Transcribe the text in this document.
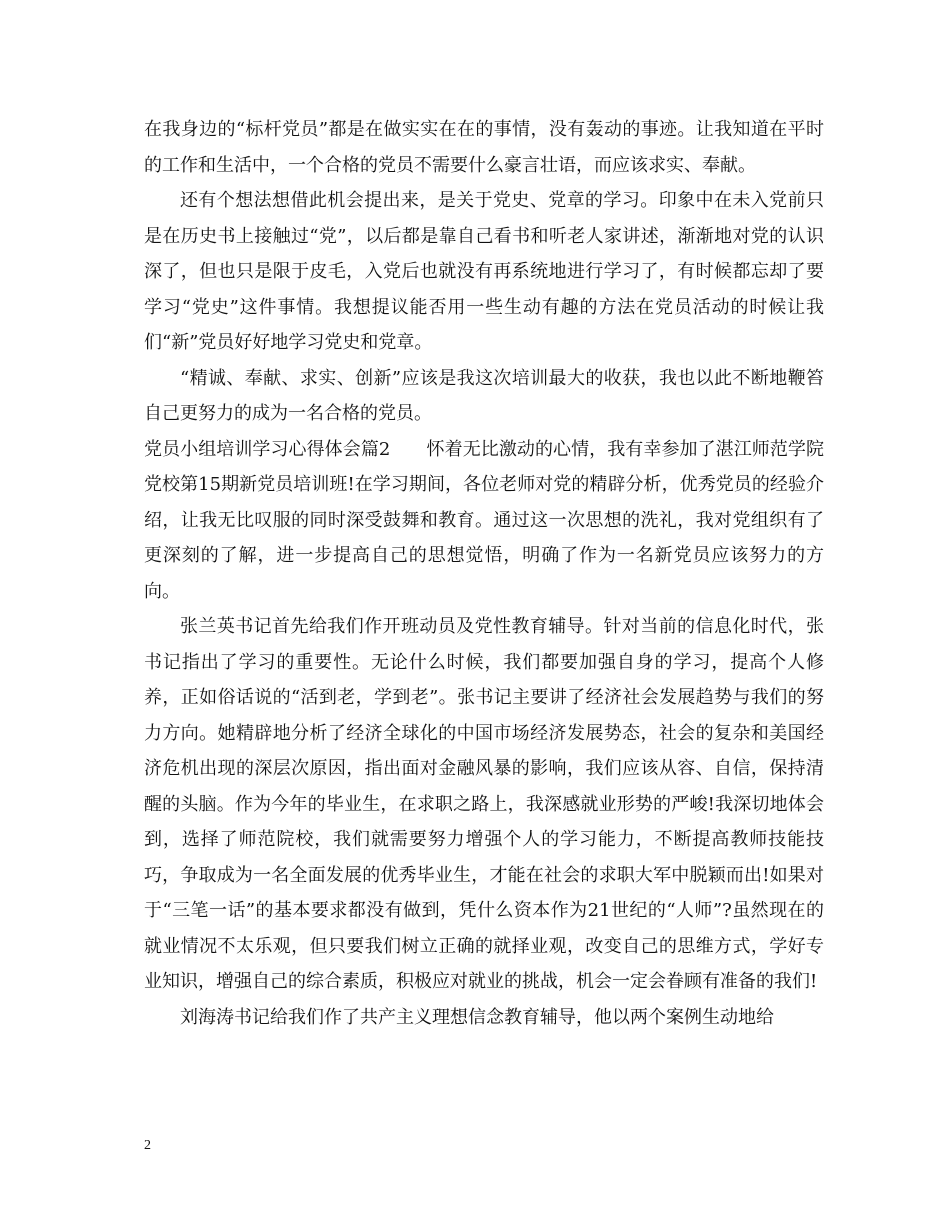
在我身边的“标杆党员”都是在做实实在在的事情，没有轰动的事迹。让我知道在平时的工作和生活中，一个合格的党员不需要什么豪言壮语，而应该求实、奉献。

还有个想法想借此机会提出来，是关于党史、党章的学习。印象中在未入党前只是在历史书上接触过“党”，以后都是靠自己看书和听老人家讲述，渐渐地对党的认识深了，但也只是限于皮毛，入党后也就没有再系统地进行学习了，有时候都忘却了要学习“党史”这件事情。我想提议能否用一些生动有趣的方法在党员活动的时候让我们“新”党员好好地学习党史和党章。

“精诚、奉献、求实、创新”应该是我这次培训最大的收获，我也以此不断地鞭笞自己更努力的成为一名合格的党员。

党员小组培训学习心得体会篇2　　怀着无比激动的心情，我有幸参加了湛江师范学院党校第15期新党员培训班!在学习期间，各位老师对党的精辟分析，优秀党员的经验介绍，让我无比叹服的同时深受鼓舞和教育。通过这一次思想的洗礼，我对党组织有了更深刻的了解，进一步提高自己的思想觉悟，明确了作为一名新党员应该努力的方向。

张兰英书记首先给我们作开班动员及党性教育辅导。针对当前的信息化时代，张书记指出了学习的重要性。无论什么时候，我们都要加强自身的学习，提高个人修养，正如俗话说的“活到老，学到老”。张书记主要讲了经济社会发展趋势与我们的努力方向。她精辟地分析了经济全球化的中国市场经济发展势态，社会的复杂和美国经济危机出现的深层次原因，指出面对金融风暴的影响，我们应该从容、自信，保持清醒的头脑。作为今年的毕业生，在求职之路上，我深感就业形势的严峻!我深切地体会到，选择了师范院校，我们就需要努力增强个人的学习能力，不断提高教师技能技巧，争取成为一名全面发展的优秀毕业生，才能在社会的求职大军中脱颖而出!如果对于“三笔一话”的基本要求都没有做到，凭什么资本作为21世纪的“人师”?虽然现在的就业情况不太乐观，但只要我们树立正确的就择业观，改变自己的思维方式，学好专业知识，增强自己的综合素质，积极应对就业的挑战，机会一定会眷顾有准备的我们!

刘海涛书记给我们作了共产主义理想信念教育辅导，他以两个案例生动地给

2
